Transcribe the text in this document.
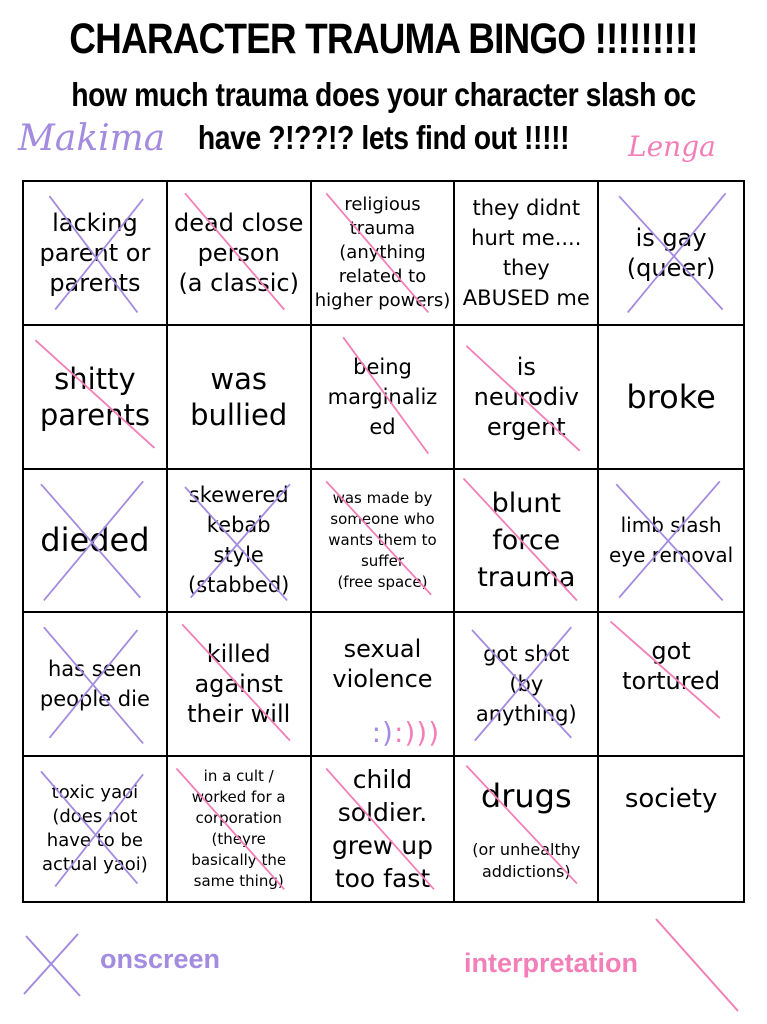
CHARACTER TRAUMA BINGO !!!!!!!!!
how much trauma does your character slash oc
have ?!??!? lets find out !!!!!
Makima	Lenga
lacking
parent or
parents
dead close
person
(a classic)
religious
trauma
(anything
related to
higher powers)
they didnt
hurt me....
they
ABUSED me
is gay
(queer)
shitty
parents
was
bullied
being
marginaliz
ed
is
neurodiv
ergent
broke
dieded
skewered
kebab
style
(stabbed)
was made by
someone who
wants them to
suffer
(free space)
blunt
force
trauma
limb slash
eye removal
has seen
people die
killed
against
their will
sexual
violence
:):)))
got shot
(by
anything)
got
tortured
toxic yaoi
(does not
have to be
actual yaoi)
in a cult /
worked for a
corporation
(theyre
basically the
same thing)
child
soldier.
grew up
too fast
drugs
(or unhealthy
addictions)
society
onscreen	interpretation
